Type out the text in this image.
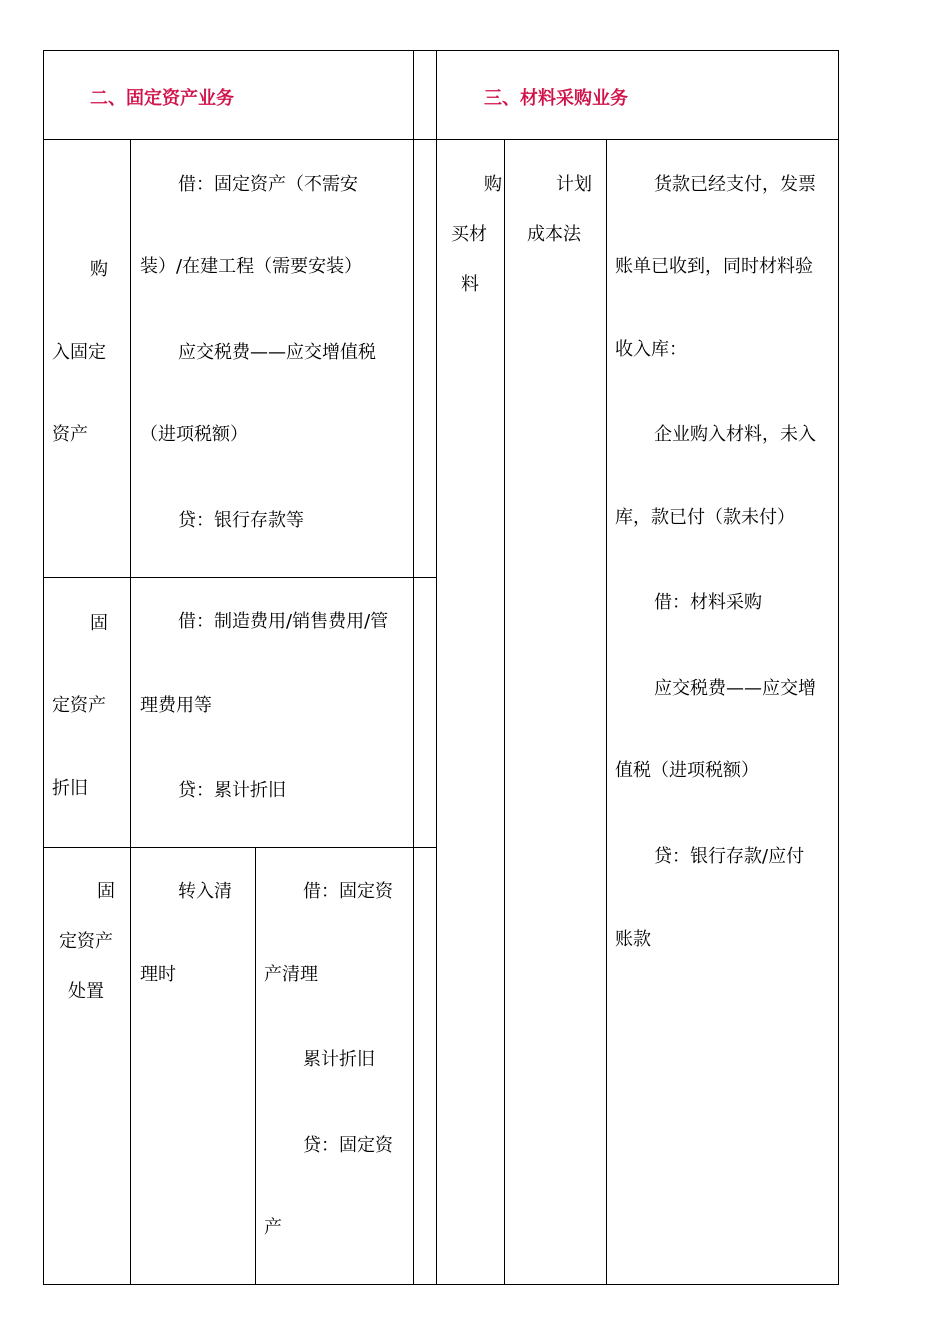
二、固定资产业务	三、材料采购业务

购

入固定

资产

借：固定资产（不需安

装）/在建工程（需要安装）

应交税费——应交增值税

（进项税额）

贷：银行存款等

固

定资产

折旧

借：制造费用/销售费用/管

理费用等

贷：累计折旧

固

定资产

处置

转入清

理时

借：固定资

产清理

累计折旧

贷：固定资

产

购

买材

料

计划

成本法

货款已经支付，发票

账单已收到，同时材料验

收入库：

企业购入材料，未入

库，款已付（款未付）

借：材料采购

应交税费——应交增

值税（进项税额）

贷：银行存款/应付

账款
